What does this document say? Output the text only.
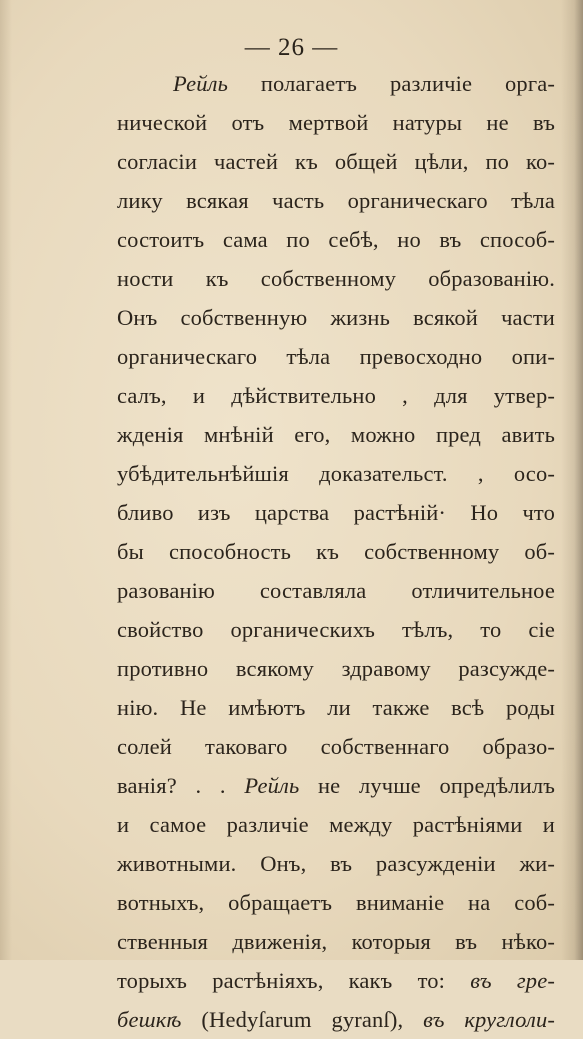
— 26 —
Рейль полагаетъ различіе орга-
нической отъ мертвой натуры не въ
согласіи частей къ общей цѣли, по ко-
лику всякая часть органическаго тѣла
состоитъ сама по себѣ, но въ способ-
ности къ собственному образованію.
Онъ собственную жизнь всякой части
органическаго тѣла превосходно опи-
салъ, и дѣйствительно , для утвер-
жденія мнѣній его, можно пред авить
убѣдительнѣйшія доказательст. , осо-
бливо изъ царства растѣній· Но что
бы способность къ собственному об-
разованію составляла отличительное
свойство органическихъ тѣлъ, то сіе
противно всякому здравому разсужде-
нію. Не имѣютъ ли также всѣ роды
солей таковаго собственнаго образо-
ванія? . . Рейль не лучше опредѣлилъ
и самое различіе между растѣніями и
животными. Онъ, въ разсужденіи жи-
вотныхъ, обращаетъ вниманіе на соб-
ственныя движенія, которыя въ нѣко-
торыхъ растѣніяхъ, какъ то: въ гре-
бешкѣ (Hedyſarum gyranſ), въ круглоли-
